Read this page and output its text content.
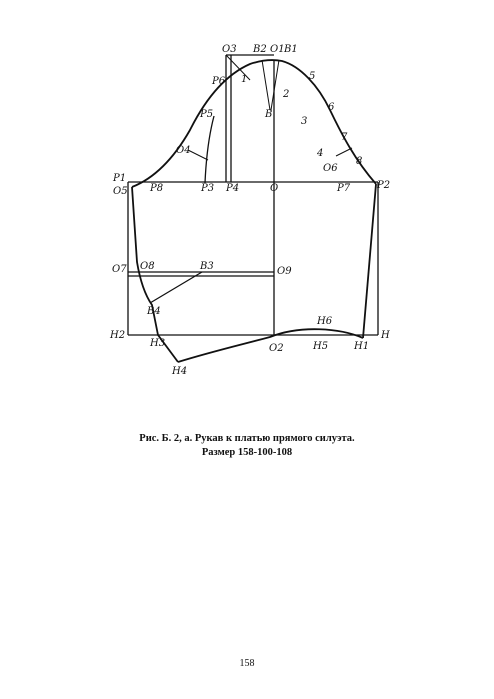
O3 B2 O1 B1
P6 1	5
2
B
6
P5
3
7
O4	4
O6
8
P1
O5 P8	P3 P4	O	P7	P2
O7 O8	B3	O9
B4
H2
H6
H
H3	O2	H5	H1
H4
Рис. Б. 2, а. Рукав к платью прямого силуэта.
Размер 158-100-108
158
